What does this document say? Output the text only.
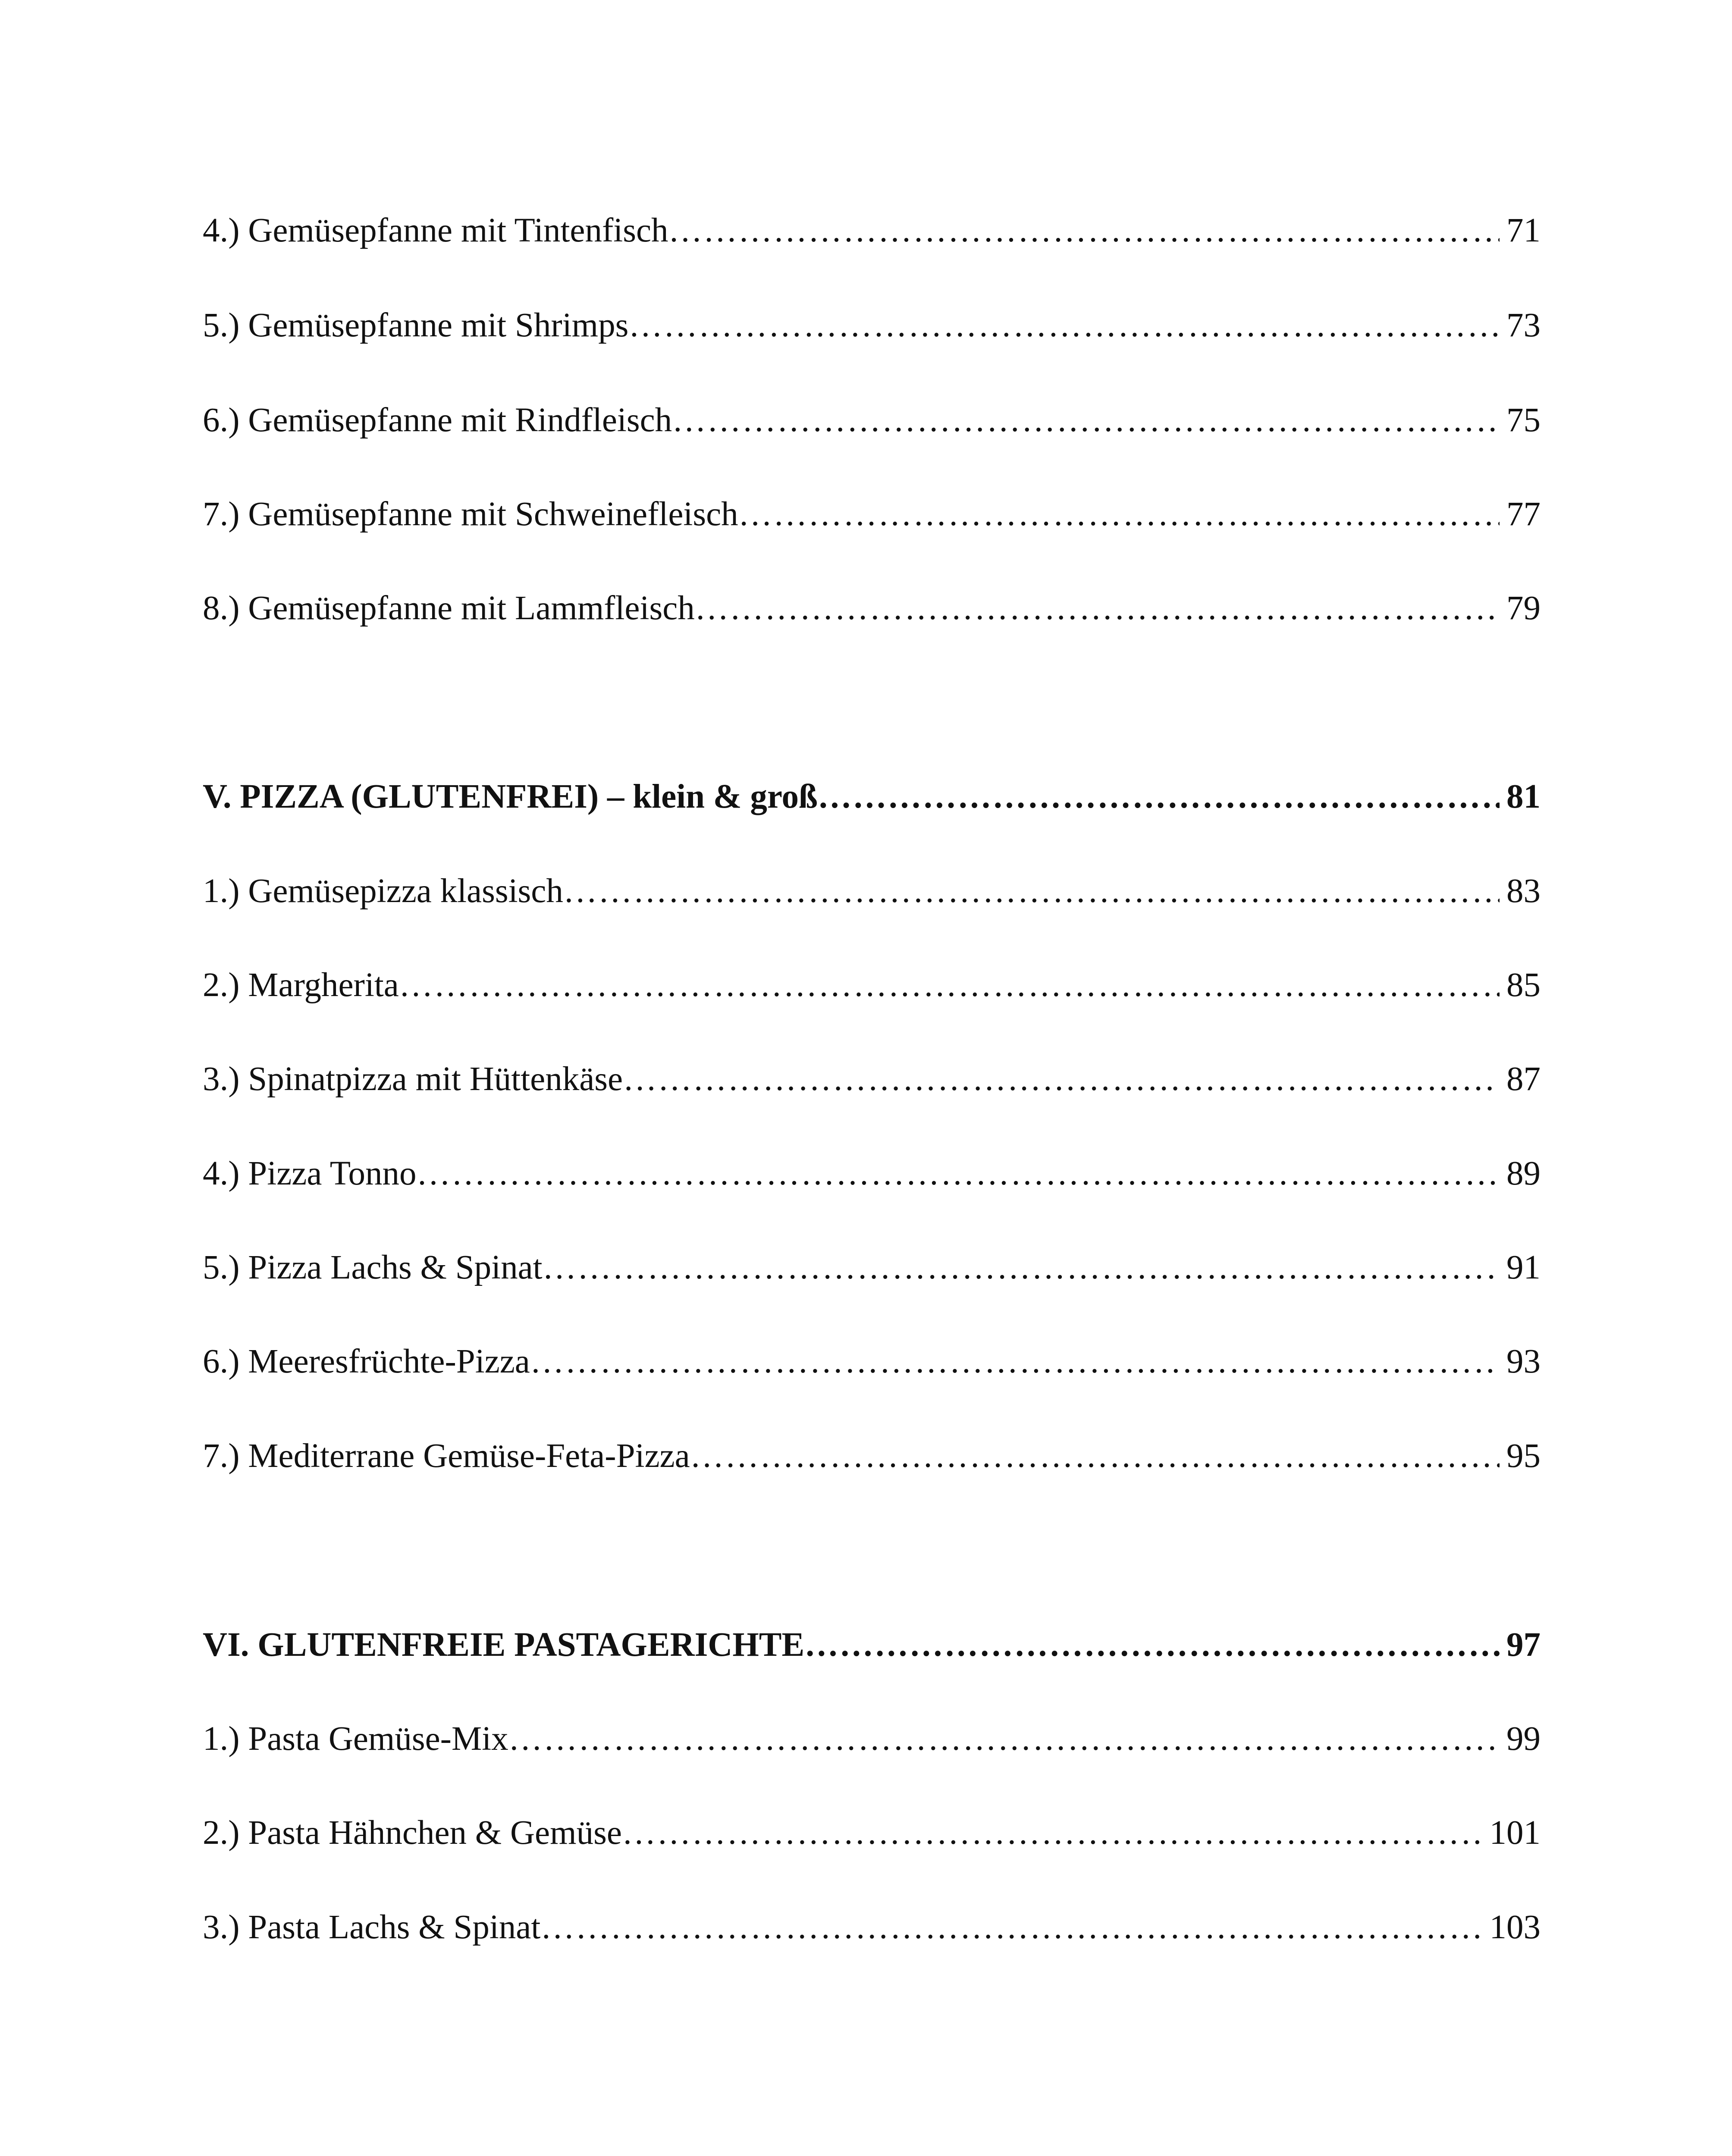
4.) Gemüsepfanne mit Tintenfisch …………………………………………………………………………………………………………………………………………………………………………………………	71
5.) Gemüsepfanne mit Shrimps …………………………………………………………………………………………………………………………………………………………………………………………	73
6.) Gemüsepfanne mit Rindfleisch …………………………………………………………………………………………………………………………………………………………………………………………	75
7.) Gemüsepfanne mit Schweinefleisch …………………………………………………………………………………………………………………………………………………………………………………………	77
8.) Gemüsepfanne mit Lammfleisch …………………………………………………………………………………………………………………………………………………………………………………………	79
V. PIZZA (GLUTENFREI) – klein & groß …………………………………………………………………………………………………………………………………………………………………………………………	81
1.) Gemüsepizza klassisch …………………………………………………………………………………………………………………………………………………………………………………………	83
2.) Margherita …………………………………………………………………………………………………………………………………………………………………………………………	85
3.) Spinatpizza mit Hüttenkäse …………………………………………………………………………………………………………………………………………………………………………………………	87
4.) Pizza Tonno …………………………………………………………………………………………………………………………………………………………………………………………	89
5.) Pizza Lachs & Spinat …………………………………………………………………………………………………………………………………………………………………………………………	91
6.) Meeresfrüchte-Pizza …………………………………………………………………………………………………………………………………………………………………………………………	93
7.) Mediterrane Gemüse-Feta-Pizza …………………………………………………………………………………………………………………………………………………………………………………………	95
VI. GLUTENFREIE PASTAGERICHTE …………………………………………………………………………………………………………………………………………………………………………………………	97
1.) Pasta Gemüse-Mix …………………………………………………………………………………………………………………………………………………………………………………………	99
2.) Pasta Hähnchen & Gemüse …………………………………………………………………………………………………………………………………………………………………………………………	101
3.) Pasta Lachs & Spinat …………………………………………………………………………………………………………………………………………………………………………………………	103
